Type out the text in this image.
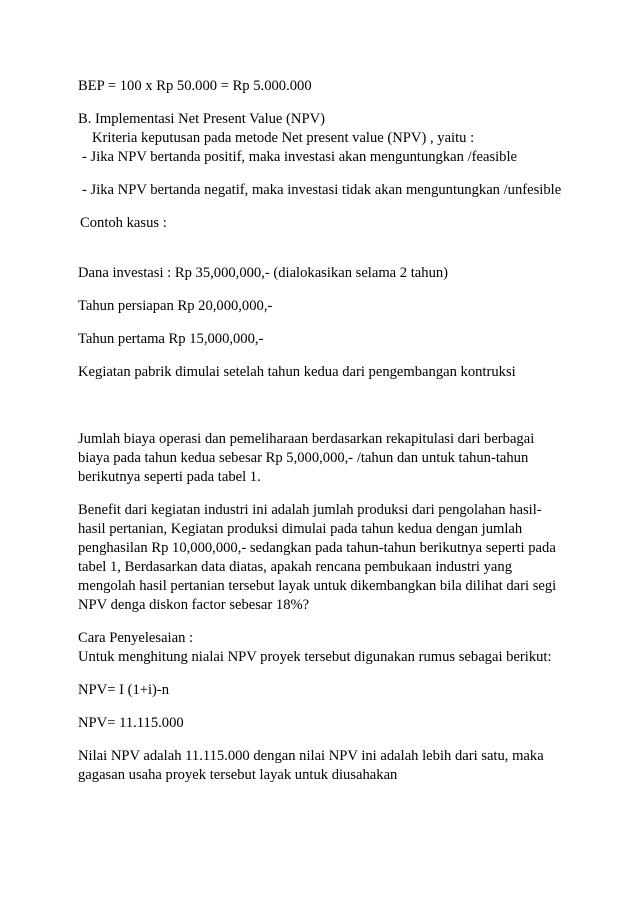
BEP = 100 x Rp 50.000 = Rp 5.000.000

B. Implementasi Net Present Value (NPV)

Kriteria keputusan pada metode Net present value (NPV) , yaitu :

- Jika NPV bertanda positif, maka investasi akan menguntungkan /feasible

- Jika NPV bertanda negatif, maka investasi tidak akan menguntungkan /unfesible

Contoh kasus :

Dana investasi : Rp 35,000,000,- (dialokasikan selama 2 tahun)

Tahun persiapan Rp 20,000,000,-

Tahun pertama Rp 15,000,000,-

Kegiatan pabrik dimulai setelah tahun kedua dari pengembangan kontruksi

Jumlah biaya operasi dan pemeliharaan berdasarkan rekapitulasi dari berbagai

biaya pada tahun kedua sebesar Rp 5,000,000,- /tahun dan untuk tahun-tahun

berikutnya seperti pada tabel 1.

Benefit dari kegiatan industri ini adalah jumlah produksi dari pengolahan hasil-

hasil pertanian, Kegiatan produksi dimulai pada tahun kedua dengan jumlah

penghasilan Rp 10,000,000,- sedangkan pada tahun-tahun berikutnya seperti pada

tabel 1, Berdasarkan data diatas, apakah rencana pembukaan industri yang

mengolah hasil pertanian tersebut layak untuk dikembangkan bila dilihat dari segi

NPV denga diskon factor sebesar 18%?

Cara Penyelesaian :

Untuk menghitung nialai NPV proyek tersebut digunakan rumus sebagai berikut:

NPV= I (1+i)-n

NPV= 11.115.000

Nilai NPV adalah 11.115.000 dengan nilai NPV ini adalah lebih dari satu, maka

gagasan usaha proyek tersebut layak untuk diusahakan
